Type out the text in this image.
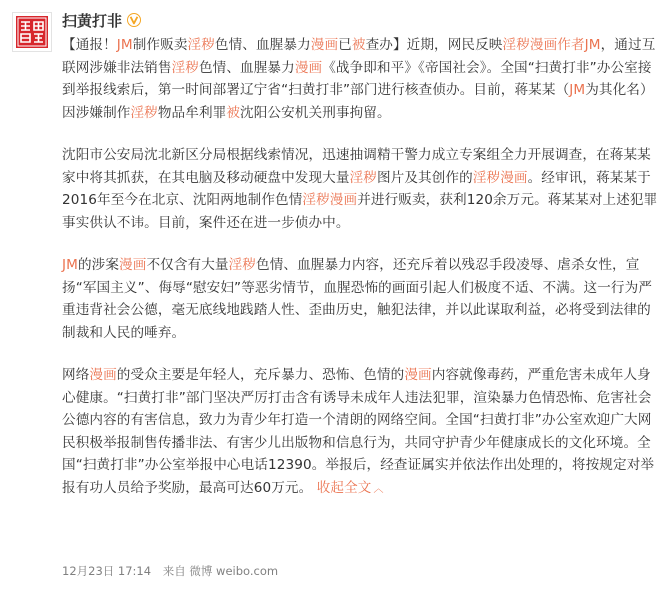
扫黄打非

【通报！JM制作贩卖淫秽色情、血腥暴力漫画已被查办】近期，网民反映淫秽漫画作者JM，通过互联网涉嫌非法销售淫秽色情、血腥暴力漫画《战争即和平》《帝国社会》。全国“扫黄打非”办公室接到举报线索后，第一时间部署辽宁省“扫黄打非”部门进行核查侦办。目前，蒋某某（JM为其化名）因涉嫌制作淫秽物品牟利罪被沈阳公安机关刑事拘留。

沈阳市公安局沈北新区分局根据线索情况，迅速抽调精干警力成立专案组全力开展调查，在蒋某某家中将其抓获，在其电脑及移动硬盘中发现大量淫秽图片及其创作的淫秽漫画。经审讯，蒋某某于2016年至今在北京、沈阳两地制作色情淫秽漫画并进行贩卖，获利120余万元。蒋某某对上述犯罪事实供认不讳。目前，案件还在进一步侦办中。

JM的涉案漫画不仅含有大量淫秽色情、血腥暴力内容，还充斥着以残忍手段凌辱、虐杀女性，宣扬“军国主义”、侮辱“慰安妇”等恶劣情节，血腥恐怖的画面引起人们极度不适、不满。这一行为严重违背社会公德，毫无底线地践踏人性、歪曲历史，触犯法律，并以此谋取利益，必将受到法律的制裁和人民的唾弃。

网络漫画的受众主要是年轻人，充斥暴力、恐怖、色情的漫画内容就像毒药，严重危害未成年人身心健康。“扫黄打非”部门坚决严厉打击含有诱导未成年人违法犯罪，渲染暴力色情恐怖、危害社会公德内容的有害信息，致力为青少年打造一个清朗的网络空间。全国“扫黄打非”办公室欢迎广大网民积极举报制售传播非法、有害少儿出版物和信息行为，共同守护青少年健康成长的文化环境。全国“扫黄打非”办公室举报中心电话12390。举报后，经查证属实并依法作出处理的，将按规定对举报有功人员给予奖励，最高可达60万元。 收起全文 ︿

12月23日 17:14 来自 微博 weibo.com
